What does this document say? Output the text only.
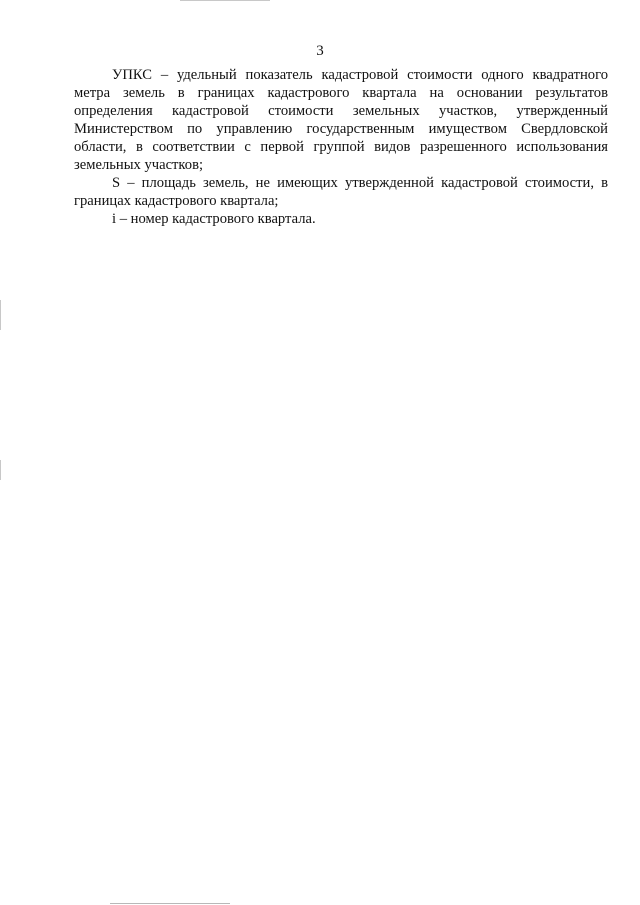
3

УПКС – удельный показатель кадастровой стоимости одного квадратного метра земель в границах кадастрового квартала на основании результатов определения кадастровой стоимости земельных участков, утвержденный Министерством по управлению государственным имуществом Свердловской области, в соответствии с первой группой видов разрешенного использования земельных участков;

S – площадь земель, не имеющих утвержденной кадастровой стоимости, в границах кадастрового квартала;

i – номер кадастрового квартала.
